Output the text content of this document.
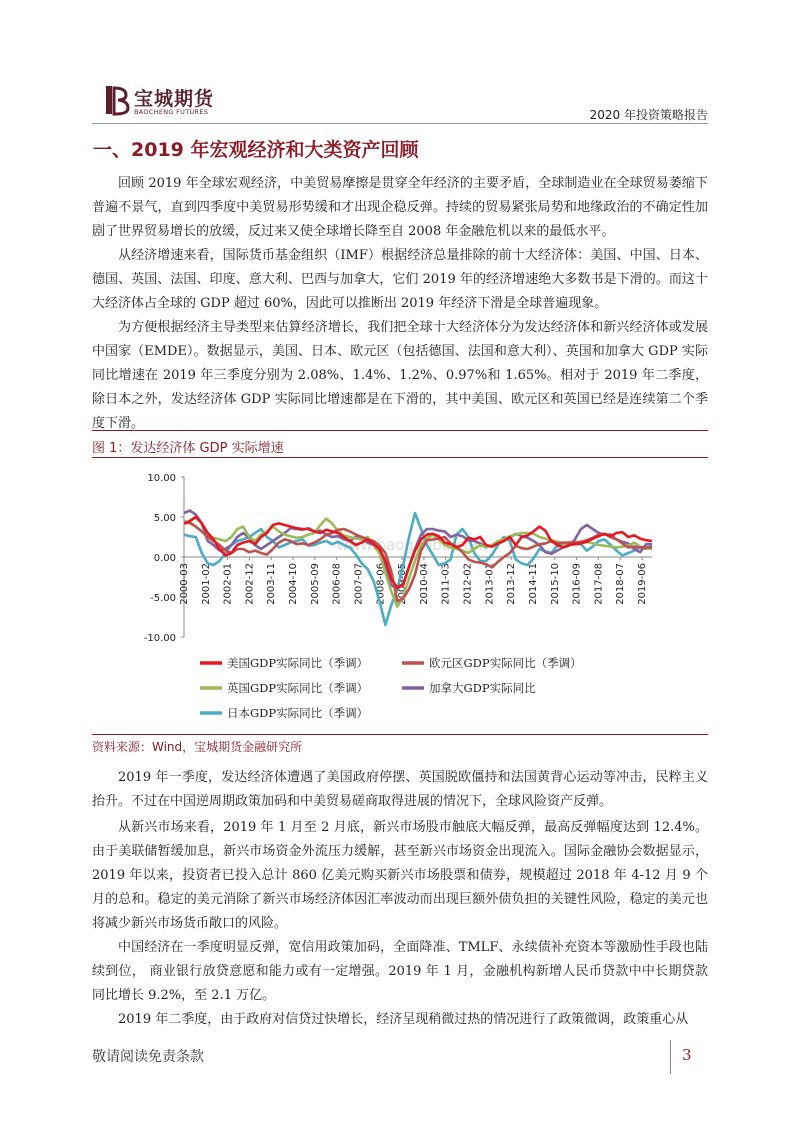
宝城期货
BAOCHENG FUTURES	2020 年投资策略报告
一、2019 年宏观经济和大类资产回顾

回顾 2019 年全球宏观经济，中美贸易摩擦是贯穿全年经济的主要矛盾，全球制造业在全球贸易萎缩下普遍不景气，直到四季度中美贸易形势缓和才出现企稳反弹。持续的贸易紧张局势和地缘政治的不确定性加剧了世界贸易增长的放缓，反过来又使全球增长降至自 2008 年金融危机以来的最低水平。

从经济增速来看，国际货币基金组织（IMF）根据经济总量排除的前十大经济体：美国、中国、日本、德国、英国、法国、印度、意大利、巴西与加拿大，它们 2019 年的经济增速绝大多数书是下滑的。而这十大经济体占全球的 GDP 超过 60%，因此可以推断出 2019 年经济下滑是全球普遍现象。

为方便根据经济主导类型来估算经济增长，我们把全球十大经济体分为发达经济体和新兴经济体或发展中国家（EMDE）。数据显示，美国、日本、欧元区（包括德国、法国和意大利）、英国和加拿大 GDP 实际同比增速在 2019 年三季度分别为 2.08%、1.4%、1.2%、0.97%和 1.65%。相对于 2019 年二季度，除日本之外，发达经济体 GDP 实际同比增速都是在下滑的，其中美国、欧元区和英国已经是连续第二个季度下滑。

图 1：发达经济体 GDP 实际增速
www.baogaoba.com
10.00
5.00
0.00
-5.00
-10.00
2000-03 2001-02 2002-01 2002-12 2003-11 2004-10 2005-09 2006-08 2007-07 2008-06 2009-05 2010-04 2011-03 2012-02 2013-01 2013-12 2014-11 2015-10 2016-09 2017-08 2018-07 2019-06
美国GDP实际同比（季调）	欧元区GDP实际同比（季调）
英国GDP实际同比（季调）	加拿大GDP实际同比
日本GDP实际同比（季调）
资料来源：Wind，宝城期货金融研究所

2019 年一季度，发达经济体遭遇了美国政府停摆、英国脱欧僵持和法国黄背心运动等冲击，民粹主义抬升。不过在中国逆周期政策加码和中美贸易磋商取得进展的情况下，全球风险资产反弹。

从新兴市场来看，2019 年 1 月至 2 月底，新兴市场股市触底大幅反弹，最高反弹幅度达到 12.4%。由于美联储暂缓加息，新兴市场资金外流压力缓解，甚至新兴市场资金出现流入。国际金融协会数据显示，2019 年以来，投资者已投入总计 860 亿美元购买新兴市场股票和债券，规模超过 2018 年 4-12 月 9 个月的总和。稳定的美元消除了新兴市场经济体因汇率波动而出现巨额外债负担的关键性风险，稳定的美元也将减少新兴市场货币敞口的风险。

中国经济在一季度明显反弹，宽信用政策加码，全面降准、TMLF、永续债补充资本等激励性手段也陆续到位， 商业银行放贷意愿和能力或有一定增强。2019 年 1 月，金融机构新增人民币贷款中中长期贷款同比增长 9.2%，至 2.1 万亿。

2019 年二季度，由于政府对信贷过快增长，经济呈现稍微过热的情况进行了政策微调，政策重心从

敬请阅读免责条款	3
